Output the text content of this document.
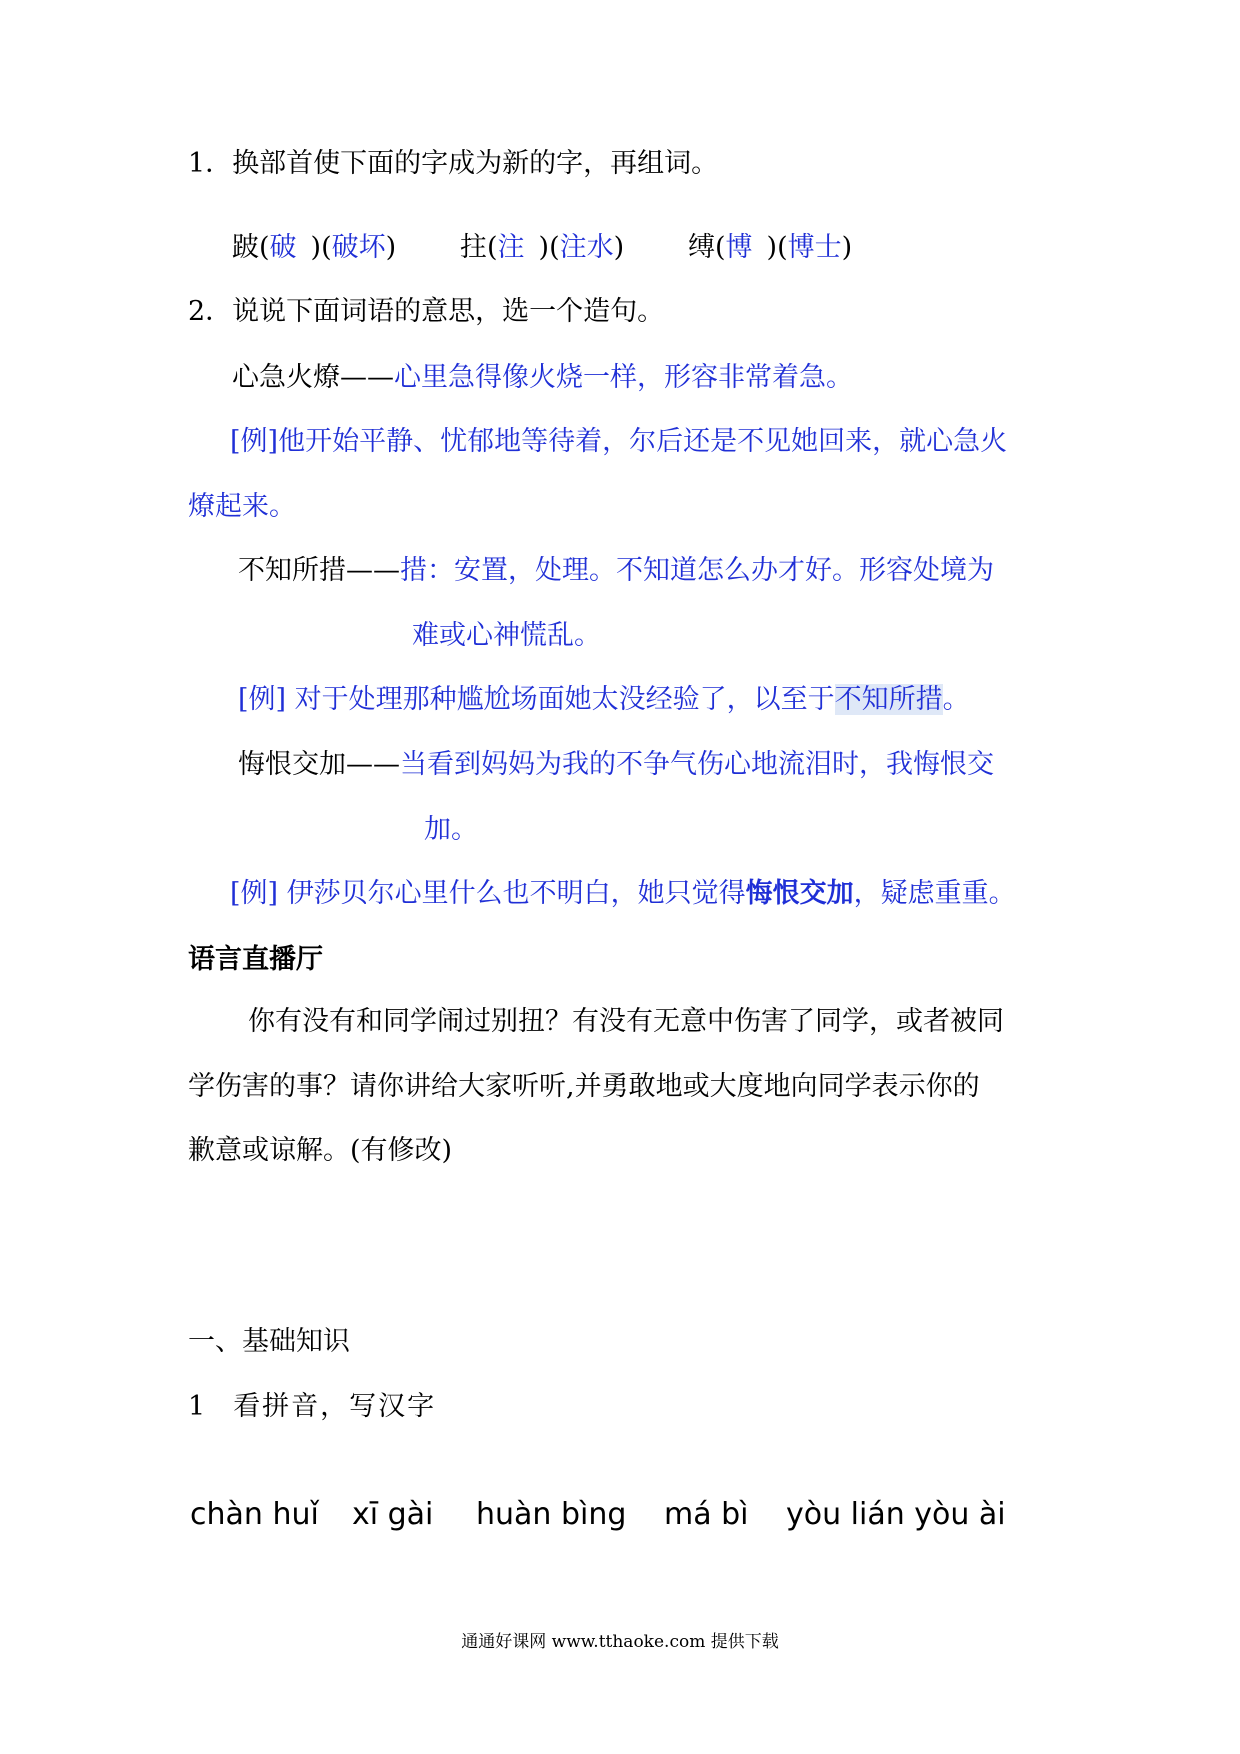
1．换部首使下面的字成为新的字，再组词。
跛(破 )(破坏) 拄(注 )(注水) 缚(博 )(博士)
2．说说下面词语的意思，选一个造句。
心急火燎——心里急得像火烧一样，形容非常着急。
[例]他开始平静、忧郁地等待着，尔后还是不见她回来，就心急火
燎起来。
不知所措——措：安置，处理。不知道怎么办才好。形容处境为
难或心神慌乱。
[例] 对于处理那种尴尬场面她太没经验了，以至于不知所措。
悔恨交加——当看到妈妈为我的不争气伤心地流泪时，我悔恨交
加。
[例] 伊莎贝尔心里什么也不明白，她只觉得悔恨交加，疑虑重重。
语言直播厅
你有没有和同学闹过别扭？有没有无意中伤害了同学，或者被同
学伤害的事？请你讲给大家听听,并勇敢地或大度地向同学表示你的
歉意或谅解。(有修改)
一、基础知识
1 看拼音，写汉字
chàn huǐ xī gài huàn bìng má bì yòu lián yòu ài
通通好课网 www.tthaoke.com 提供下载
